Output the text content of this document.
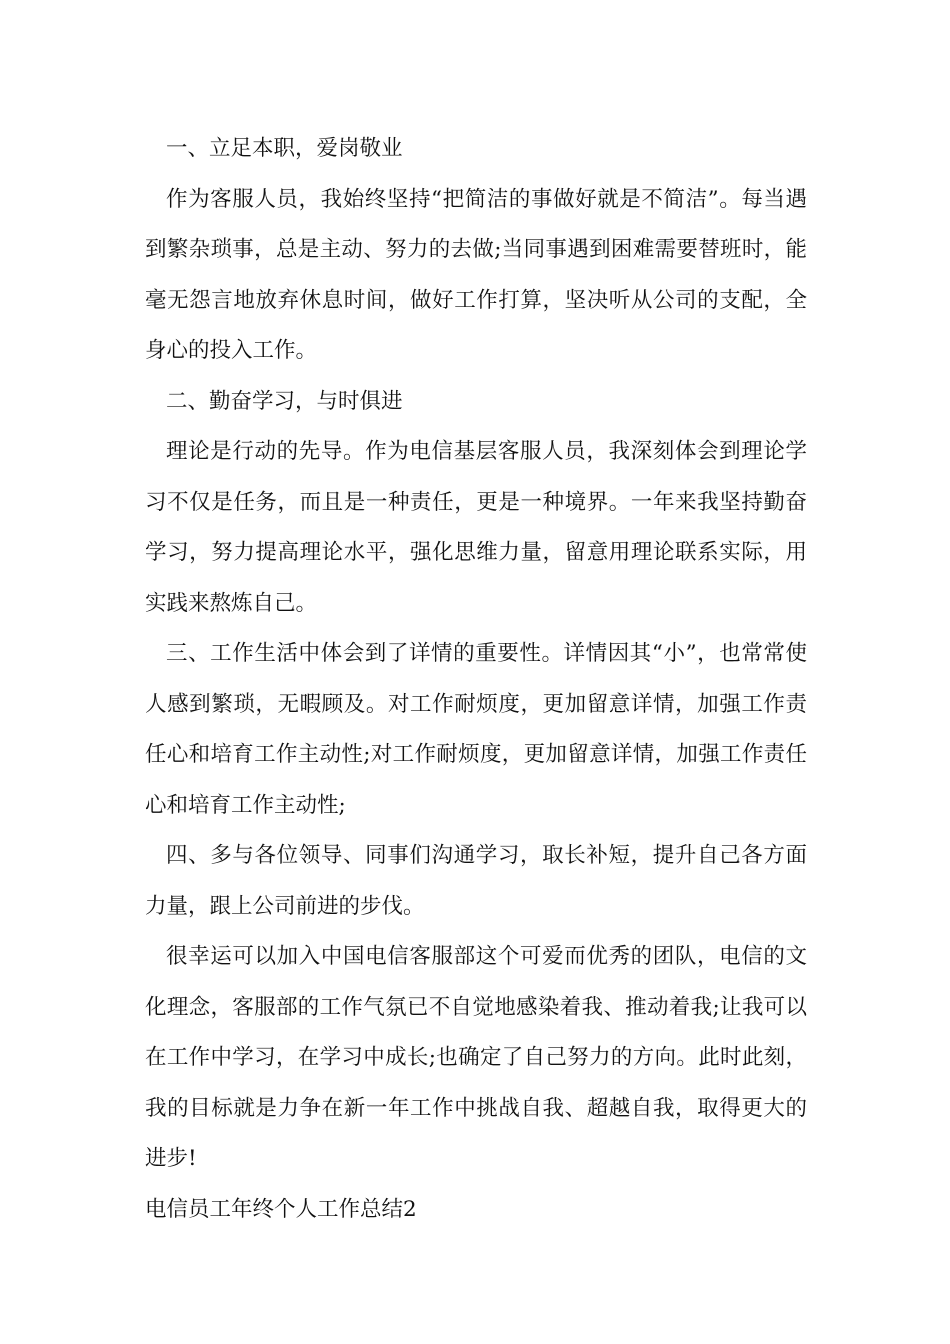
一、立足本职，爱岗敬业

作为客服人员，我始终坚持“把简洁的事做好就是不简洁”。每当遇到繁杂琐事，总是主动、努力的去做;当同事遇到困难需要替班时，能毫无怨言地放弃休息时间，做好工作打算，坚决听从公司的支配，全身心的投入工作。

二、勤奋学习，与时俱进

理论是行动的先导。作为电信基层客服人员，我深刻体会到理论学习不仅是任务，而且是一种责任，更是一种境界。一年来我坚持勤奋学习，努力提高理论水平，强化思维力量，留意用理论联系实际，用实践来熬炼自己。

三、工作生活中体会到了详情的重要性。详情因其“小”，也常常使人感到繁琐，无暇顾及。对工作耐烦度，更加留意详情，加强工作责任心和培育工作主动性;对工作耐烦度，更加留意详情，加强工作责任心和培育工作主动性;

四、多与各位领导、同事们沟通学习，取长补短，提升自己各方面力量，跟上公司前进的步伐。

很幸运可以加入中国电信客服部这个可爱而优秀的团队，电信的文化理念，客服部的工作气氛已不自觉地感染着我、推动着我;让我可以在工作中学习，在学习中成长;也确定了自己努力的方向。此时此刻，我的目标就是力争在新一年工作中挑战自我、超越自我，取得更大的进步!

电信员工年终个人工作总结2
